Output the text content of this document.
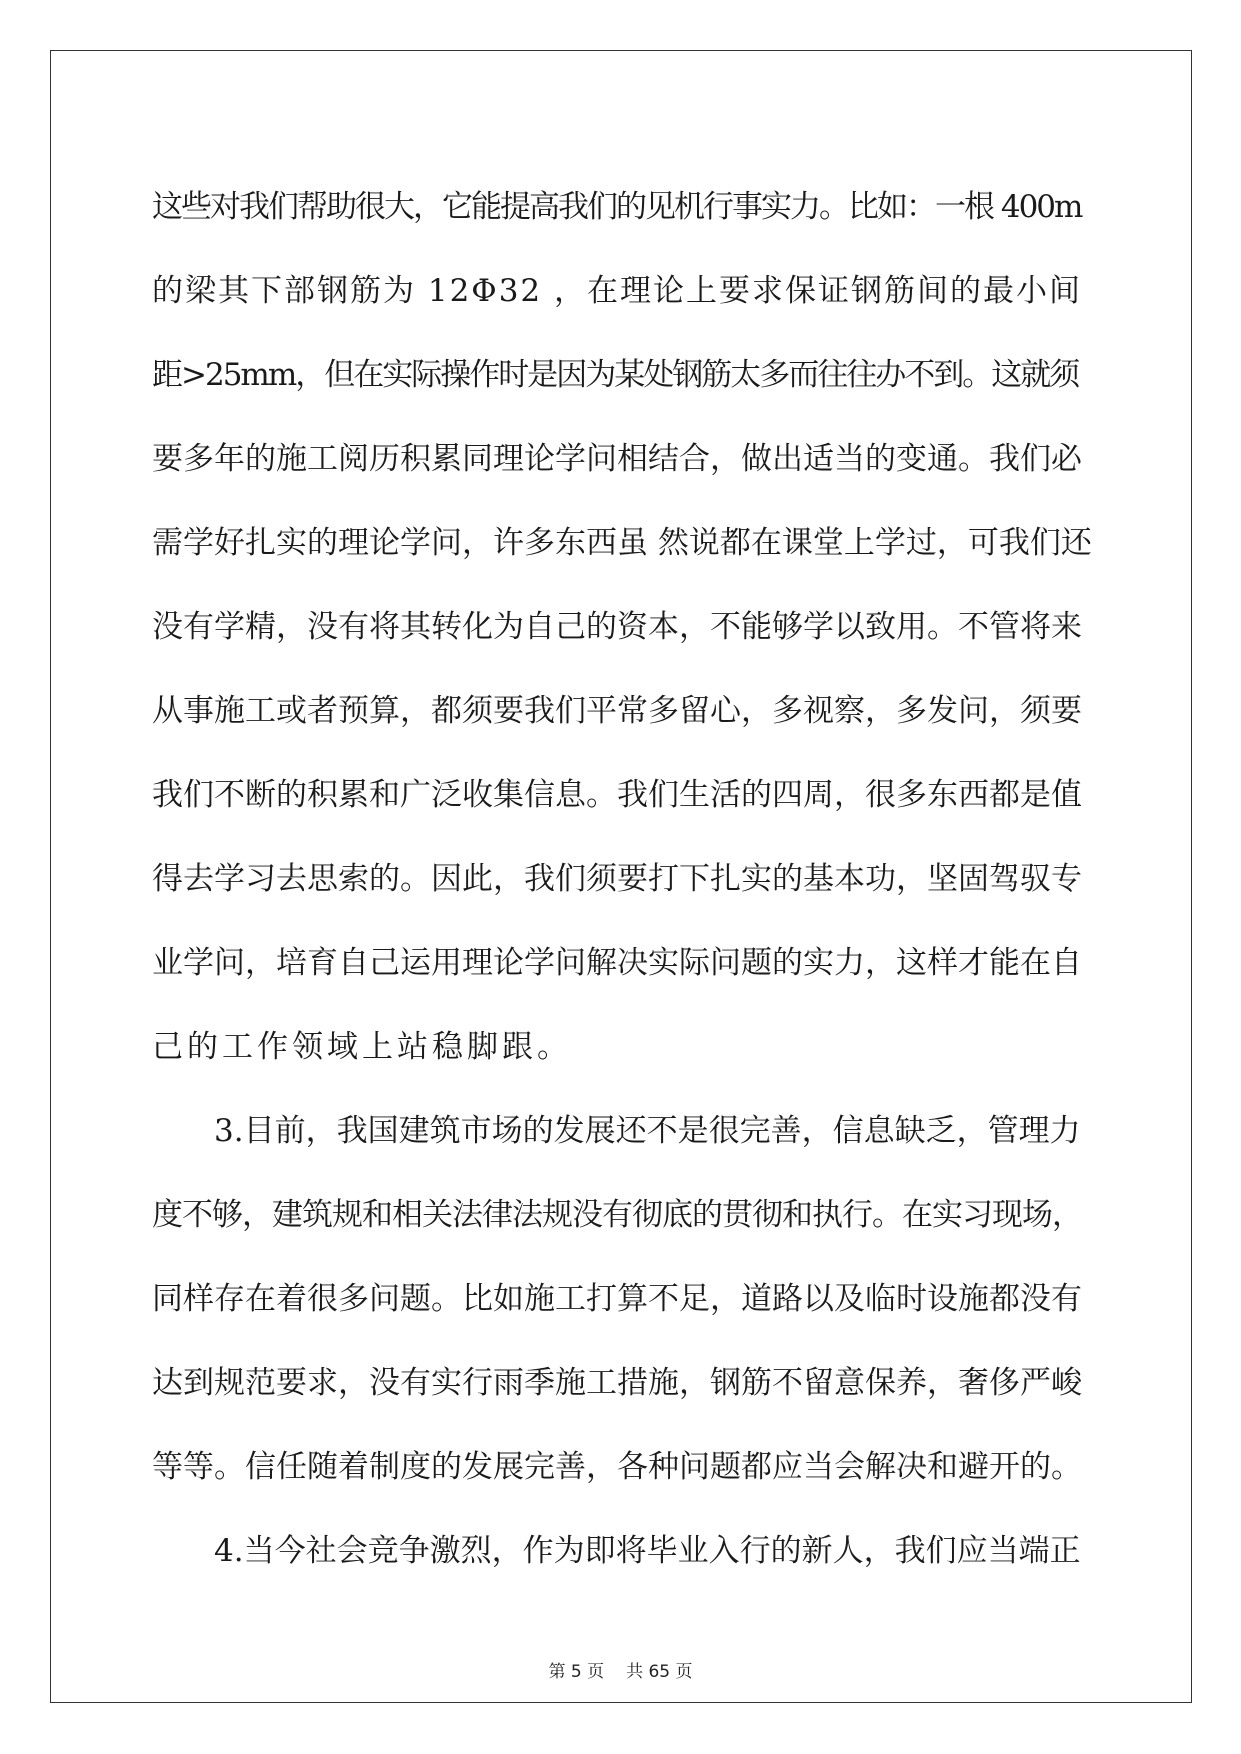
这些对我们帮助很大，它能提高我们的见机行事实力。比如：一根 400m
的梁其下部钢筋为 12Φ32 ，在理论上要求保证钢筋间的最小间
距>25mm，但在实际操作时是因为某处钢筋太多而往往办不到。这就须
要多年的施工阅历积累同理论学问相结合，做出适当的变通。我们必
需学好扎实的理论学问，许多东西虽 然说都在课堂上学过，可我们还
没有学精，没有将其转化为自己的资本，不能够学以致用。不管将来
从事施工或者预算，都须要我们平常多留心，多视察，多发问，须要
我们不断的积累和广泛收集信息。我们生活的四周，很多东西都是值
得去学习去思索的。因此，我们须要打下扎实的基本功，坚固驾驭专
业学问，培育自己运用理论学问解决实际问题的实力，这样才能在自
己的工作领域上站稳脚跟。

3.目前，我国建筑市场的发展还不是很完善，信息缺乏，管理力
度不够，建筑规和相关法律法规没有彻底的贯彻和执行。在实习现场，
同样存在着很多问题。比如施工打算不足，道路以及临时设施都没有
达到规范要求，没有实行雨季施工措施，钢筋不留意保养，奢侈严峻
等等。信任随着制度的发展完善，各种问题都应当会解决和避开的。

4.当今社会竞争激烈，作为即将毕业入行的新人，我们应当端正

第 5 页 共 65 页
